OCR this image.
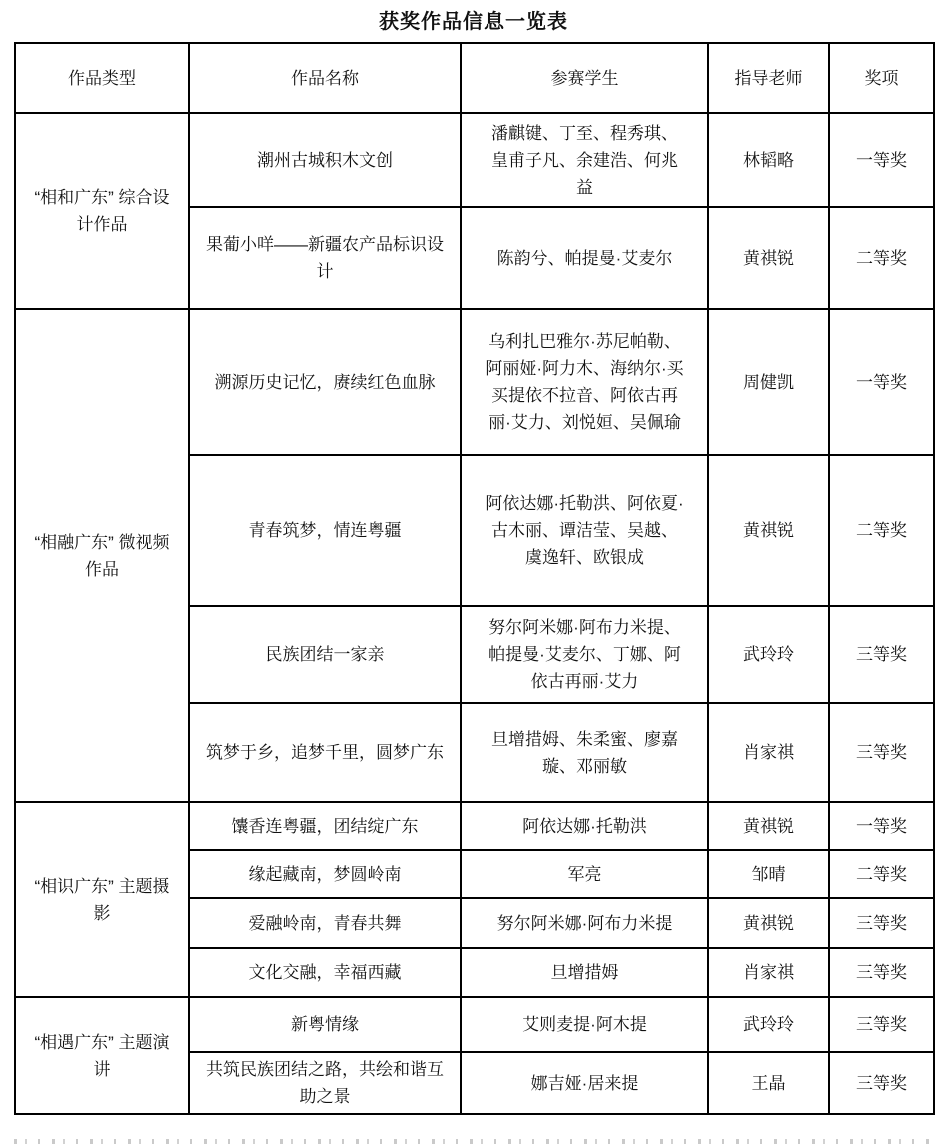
获奖作品信息一览表
作品类型	作品名称	参赛学生	指导老师	奖项
“相和广东” 综合设计作品	潮州古城积木文创	潘麒键、丁至、程秀琪、皇甫子凡、余建浩、何兆益	林韬略	一等奖
	果葡小咩——新疆农产品标识设计	陈韵兮、帕提曼·艾麦尔	黄祺锐	二等奖
“相融广东” 微视频作品	溯源历史记忆，赓续红色血脉	乌利扎巴雅尔·苏尼帕勒、阿丽娅·阿力木、海纳尔·买买提依不拉音、阿依古再丽·艾力、刘悦姮、吴佩瑜	周健凯	一等奖
	青春筑梦，情连粤疆	阿依达娜·托勒洪、阿依夏·古木丽、谭洁莹、吴越、虞逸轩、欧银成	黄祺锐	二等奖
	民族团结一家亲	努尔阿米娜·阿布力米提、帕提曼·艾麦尔、丁娜、阿依古再丽·艾力	武玲玲	三等奖
	筑梦于乡，追梦千里，圆梦广东	旦增措姆、朱柔蜜、廖嘉璇、邓丽敏	肖家祺	三等奖
“相识广东” 主题摄影	馕香连粤疆，团结绽广东	阿依达娜·托勒洪	黄祺锐	一等奖
	缘起藏南，梦圆岭南	军亮	邹晴	二等奖
	爱融岭南，青春共舞	努尔阿米娜·阿布力米提	黄祺锐	三等奖
	文化交融，幸福西藏	旦增措姆	肖家祺	三等奖
“相遇广东” 主题演讲	新粤情缘	艾则麦提·阿木提	武玲玲	三等奖
	共筑民族团结之路，共绘和谐互助之景	娜吉娅·居来提	王晶	三等奖
